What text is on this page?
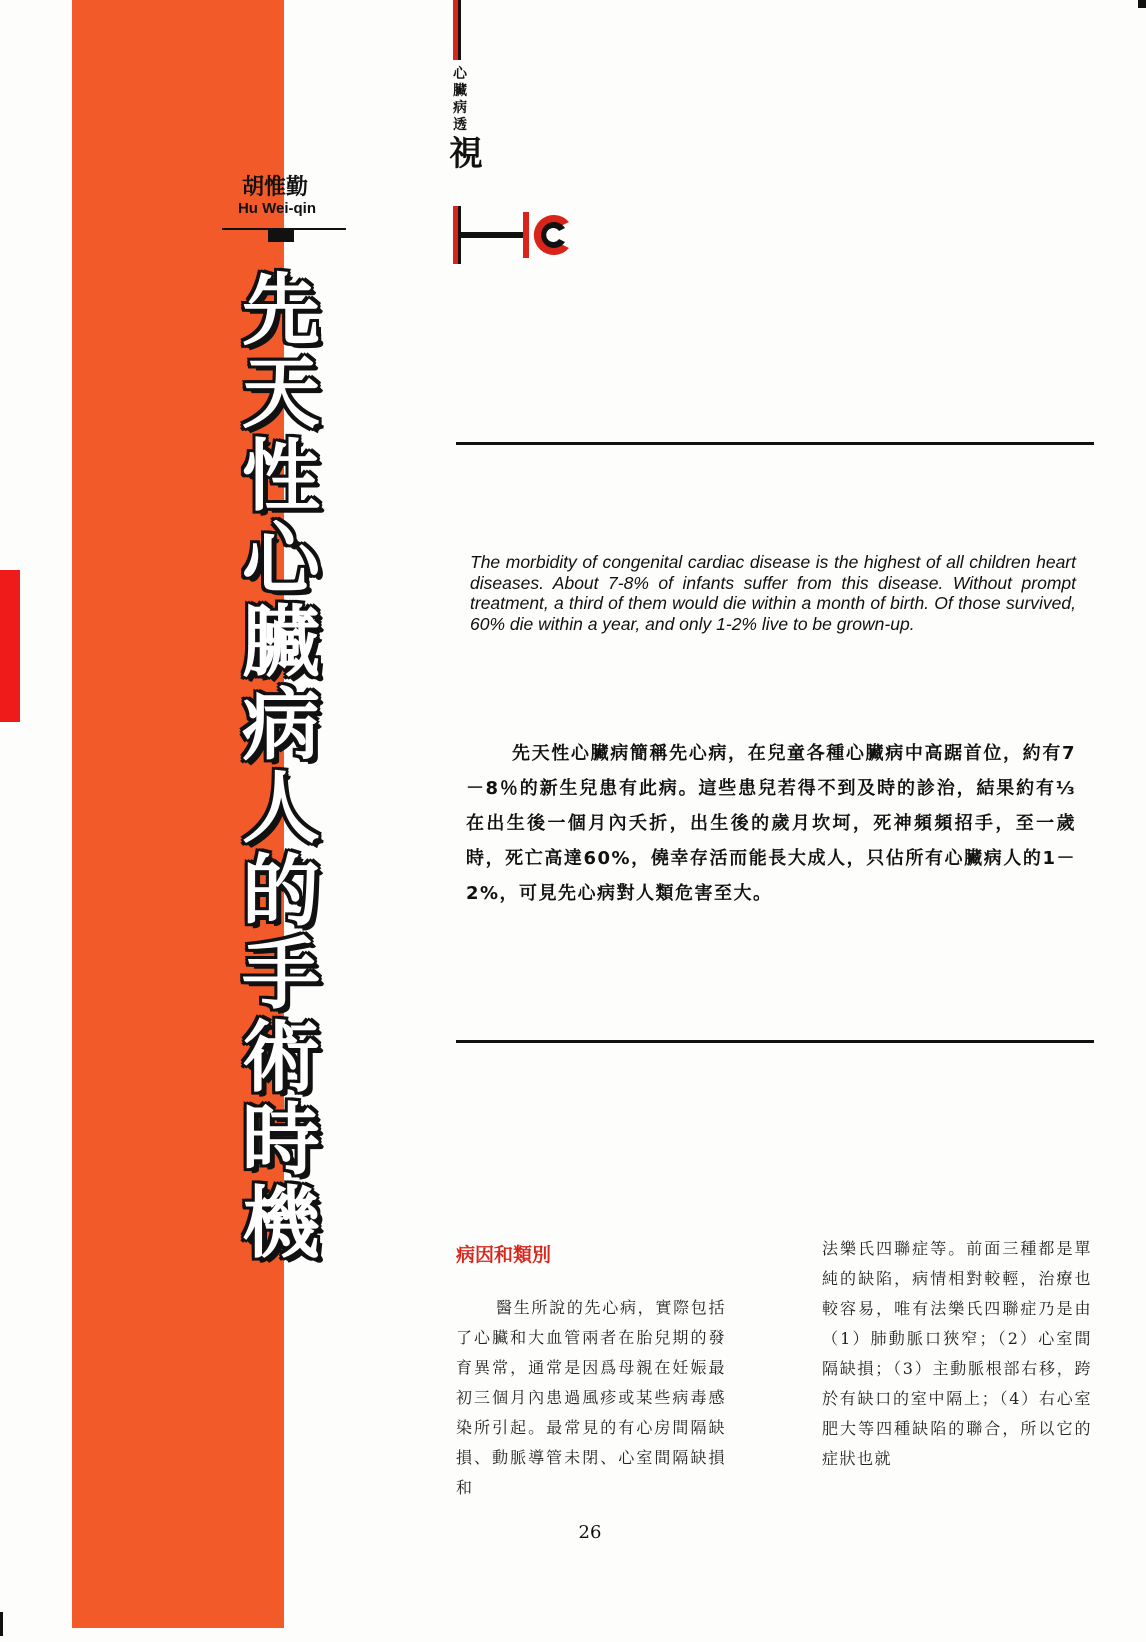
胡惟勤
Hu Wei-qin
先
天
性
心
臟
病
人
的
手
術
時
機
心
臟
病
透
視
The morbidity of congenital cardiac disease is the highest of all children heart diseases. About 7-8% of infants suffer from this disease. Without prompt treatment, a third of them would die within a month of birth. Of those survived, 60% die within a year, and only 1-2% live to be grown-up.
先天性心臟病簡稱先心病，在兒童各種心臟病中高踞首位，約有7－8％的新生兒患有此病。這些患兒若得不到及時的診治，結果約有⅓在出生後一個月內夭折，出生後的歲月坎坷，死神頻頻招手，至一歲時，死亡高達60%，僥幸存活而能長大成人，只佔所有心臟病人的1－2%，可見先心病對人類危害至大。
病因和類別
醫生所說的先心病，實際包括了心臟和大血管兩者在胎兒期的發育異常，通常是因爲母親在妊娠最初三個月內患過風疹或某些病毒感染所引起。最常見的有心房間隔缺損、動脈導管未閉、心室間隔缺損和
法樂氏四聯症等。前面三種都是單純的缺陷，病情相對較輕，治療也較容易，唯有法樂氏四聯症乃是由（1）肺動脈口狹窄；（2）心室間隔缺損；（3）主動脈根部右移，跨於有缺口的室中隔上；（4）右心室肥大等四種缺陷的聯合，所以它的症狀也就
26
